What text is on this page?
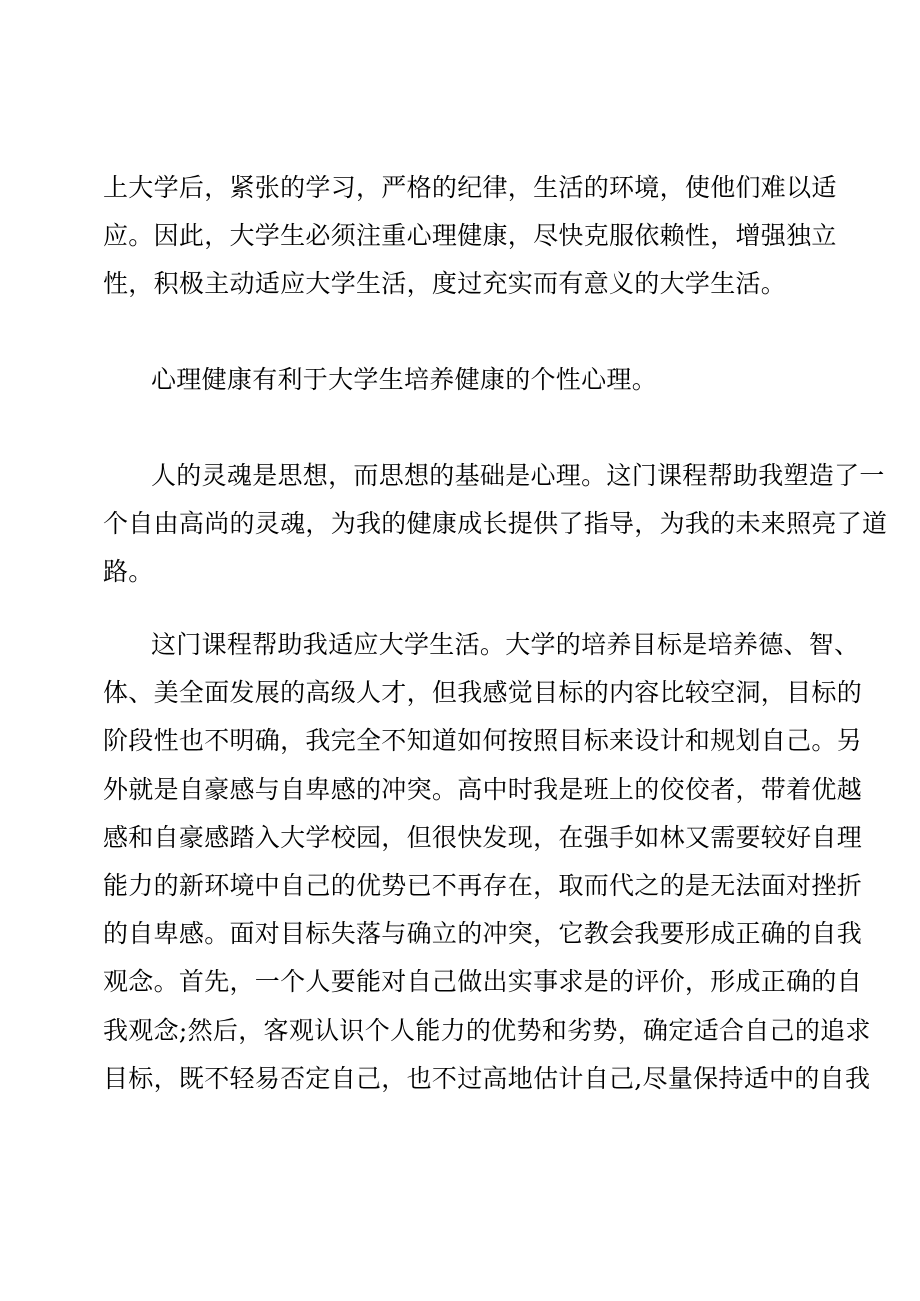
上大学后，紧张的学习，严格的纪律，生活的环境，使他们难以适
应。因此，大学生必须注重心理健康，尽快克服依赖性，增强独立
性，积极主动适应大学生活，度过充实而有意义的大学生活。
心理健康有利于大学生培养健康的个性心理。
人的灵魂是思想，而思想的基础是心理。这门课程帮助我塑造了一
个自由高尚的灵魂，为我的健康成长提供了指导，为我的未来照亮了道
路。
这门课程帮助我适应大学生活。大学的培养目标是培养德、智、
体、美全面发展的高级人才，但我感觉目标的内容比较空洞，目标的
阶段性也不明确，我完全不知道如何按照目标来设计和规划自己。另
外就是自豪感与自卑感的冲突。高中时我是班上的佼佼者，带着优越
感和自豪感踏入大学校园，但很快发现，在强手如林又需要较好自理
能力的新环境中自己的优势已不再存在，取而代之的是无法面对挫折
的自卑感。面对目标失落与确立的冲突，它教会我要形成正确的自我
观念。首先，一个人要能对自己做出实事求是的评价，形成正确的自
我观念;然后，客观认识个人能力的优势和劣势，确定适合自己的追求
目标，既不轻易否定自己，也不过高地估计自己,尽量保持适中的自我
